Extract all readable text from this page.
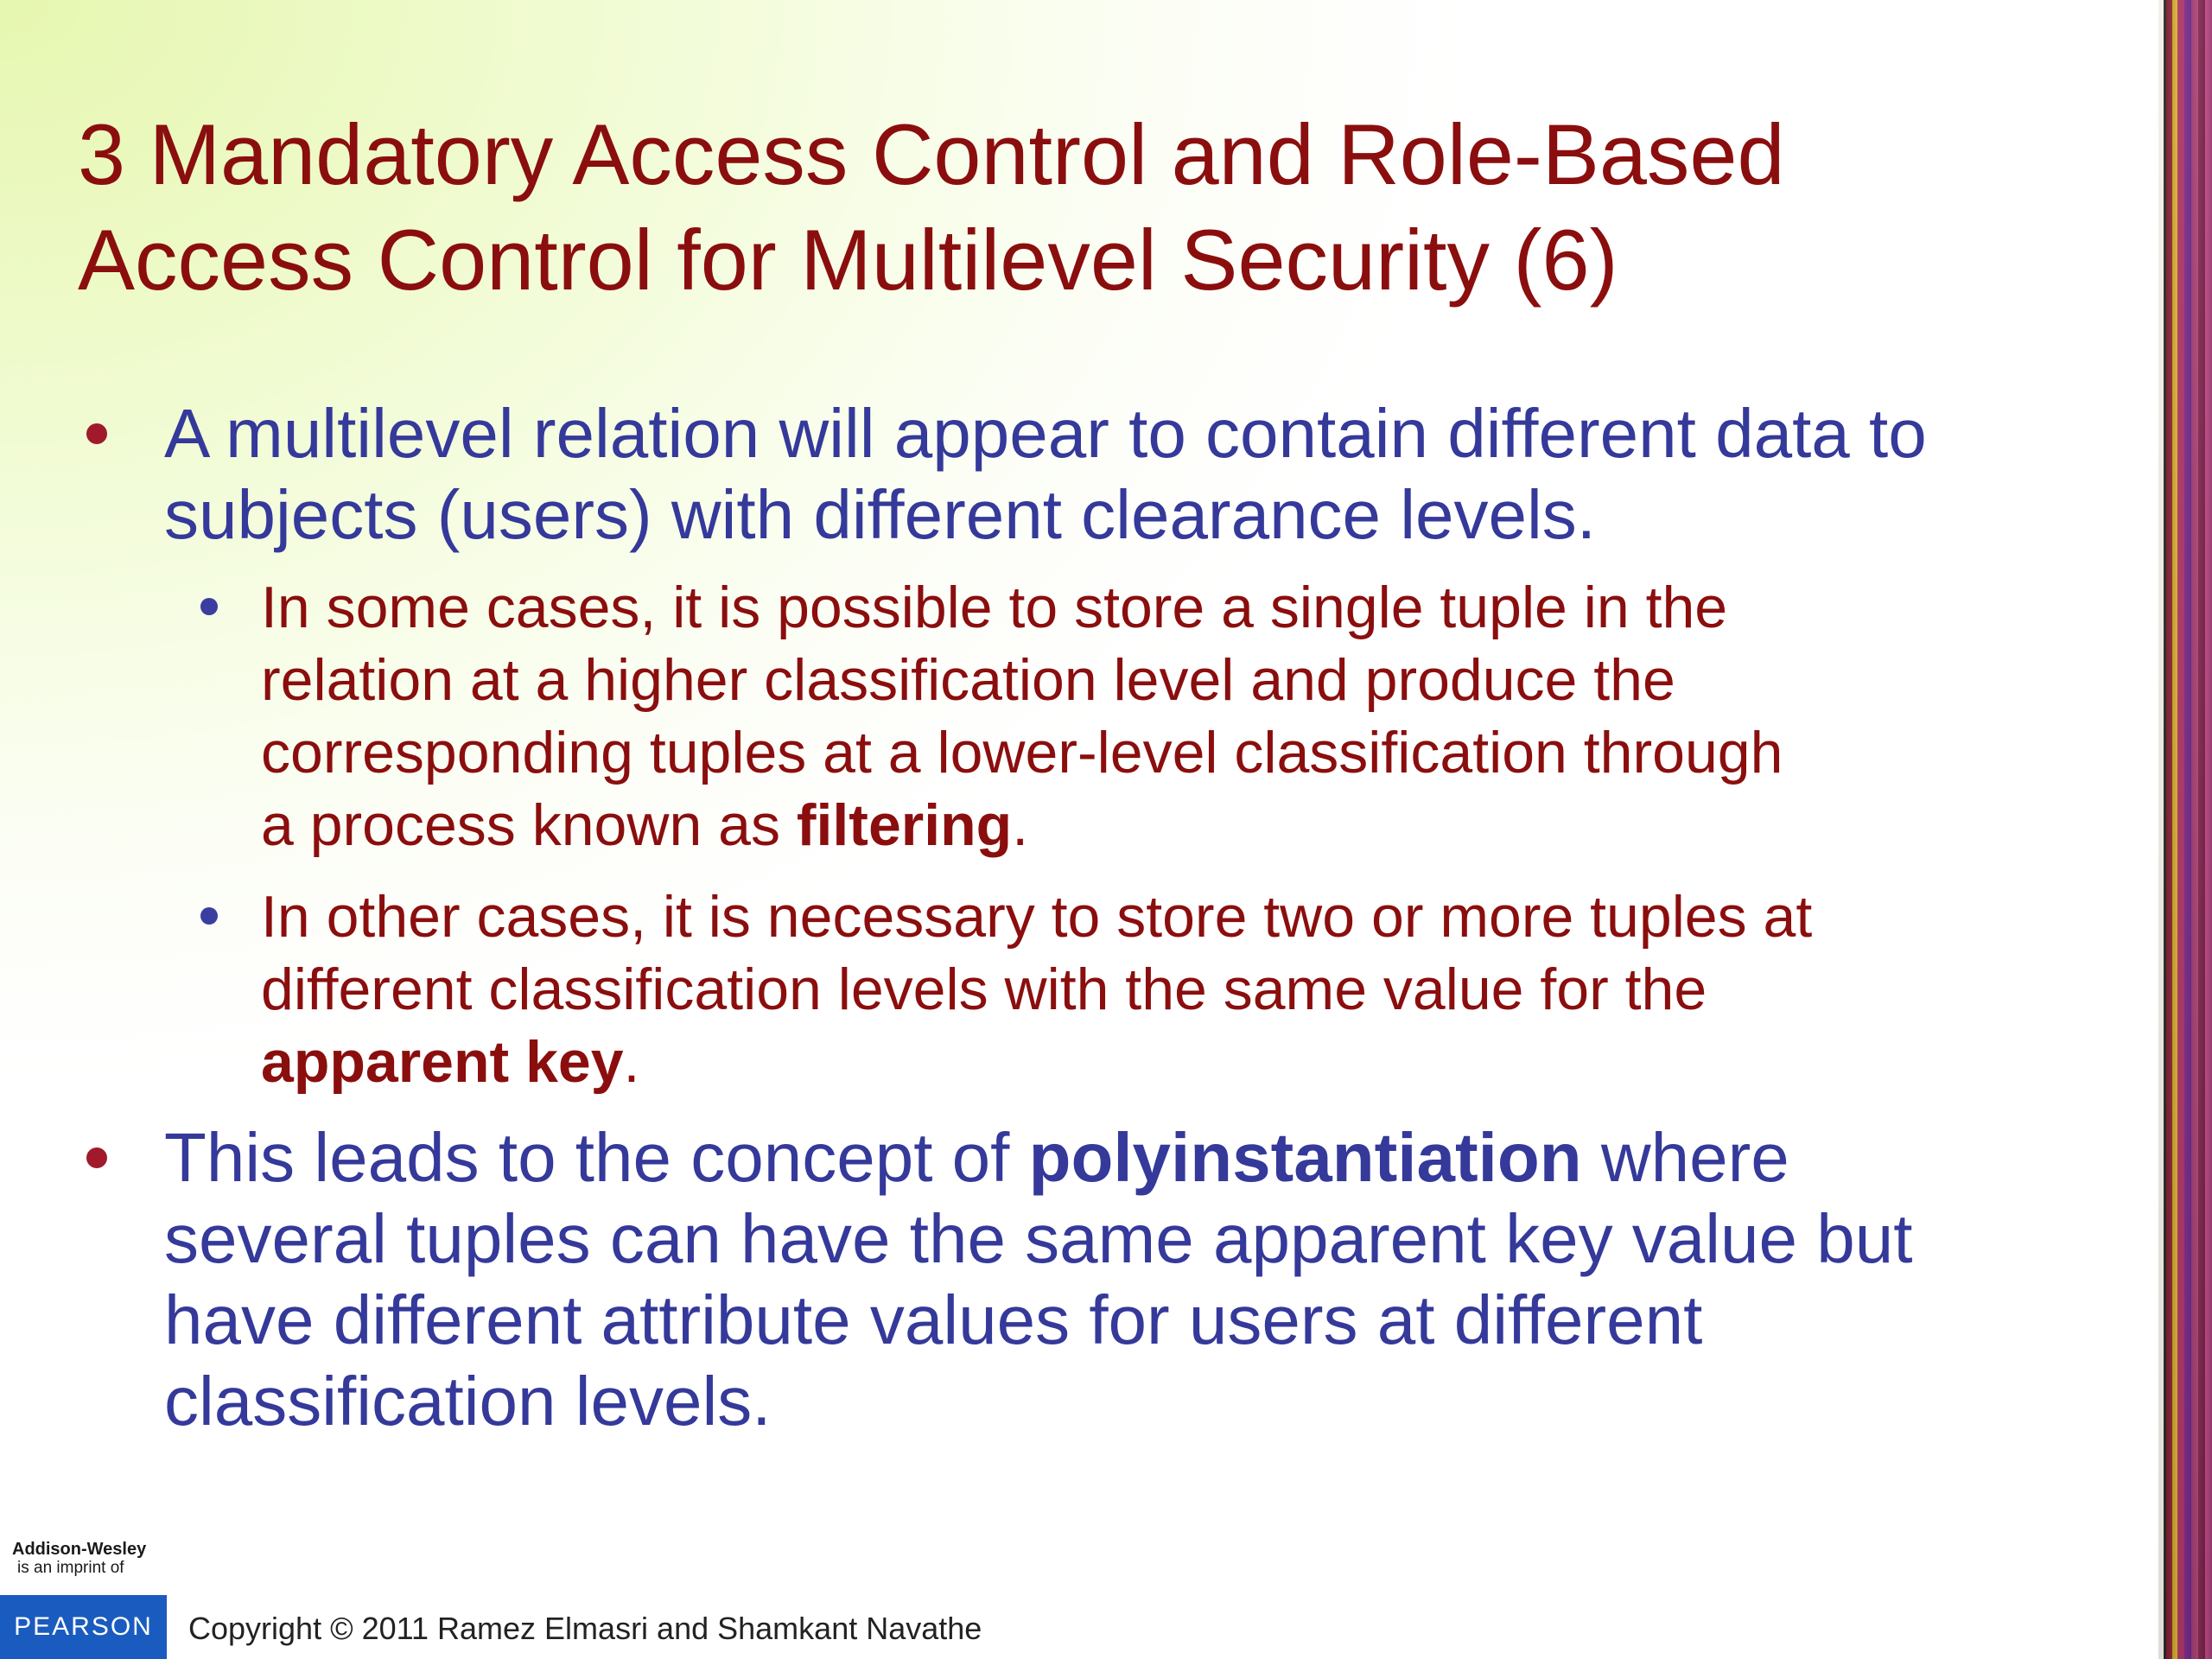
3 Mandatory Access Control and Role-Based
Access Control for Multilevel Security (6)
A multilevel relation will appear to contain different data to
subjects (users) with different clearance levels.
In some cases, it is possible to store a single tuple in the
relation at a higher classification level and produce the
corresponding tuples at a lower-level classification through
a process known as filtering.
In other cases, it is necessary to store two or more tuples at
different classification levels with the same value for the
apparent key.
This leads to the concept of polyinstantiation where
several tuples can have the same apparent key value but
have different attribute values for users at different
classification levels.
Addison-Wesley
is an imprint of
PEARSON	Copyright © 2011 Ramez Elmasri and Shamkant Navathe
